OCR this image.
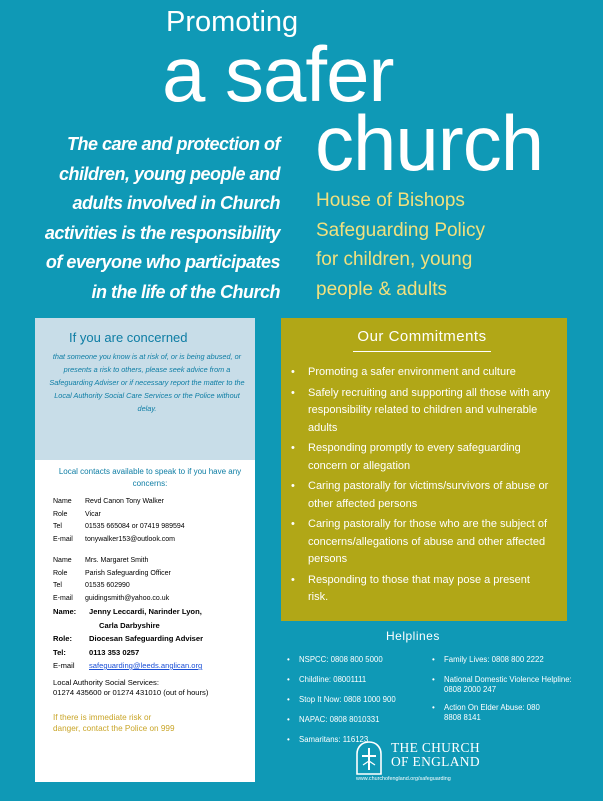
Promoting
a safer
church
The care and protection of
children, young people and
adults involved in Church
activities is the responsibility
of everyone who participates
in the life of the Church
House of Bishops
Safeguarding Policy
for children, young
people & adults
If you are concerned
that someone you know is at risk of, or is being abused, or presents a risk to others, please seek advice from a Safeguarding Adviser or if necessary report the matter to the Local Authority Social Care Services or the Police without delay.
Local contacts available to speak to if you have any concerns:
Name	Revd Canon Tony Walker
Role	Vicar
Tel	01535 665084 or 07419 989594
E-mail	tonywalker153@outlook.com
Name	Mrs. Margaret Smith
Role	Parish Safeguarding Officer
Tel	01535 602990
E-mail	guidingsmith@yahoo.co.uk
Name:	Jenny Leccardi, Narinder Lyon,
Carla Darbyshire
Role:	Diocesan Safeguarding Adviser
Tel:	0113 353 0257
E-mail	safeguarding@leeds.anglican.org
Local Authority Social Services:
01274 435600 or 01274 431010 (out of hours)
If there is immediate risk or
danger, contact the Police on 999
Our Commitments
• Promoting a safer environment and culture
• Safely recruiting and supporting all those with any responsibility related to children and vulnerable adults
• Responding promptly to every safeguarding concern or allegation
• Caring pastorally for victims/survivors of abuse or other affected persons
• Caring pastorally for those who are the subject of concerns/allegations of abuse and other affected persons
• Responding to those that may pose a present risk.
Helplines
• NSPCC: 0808 800 5000
• Childline: 08001111
• Stop It Now: 0808 1000 900
• NAPAC: 0808 8010331
• Samaritans: 116123
• Family Lives: 0808 800 2222
• National Domestic Violence Helpline: 0808 2000 247
• Action On Elder Abuse: 080 8808 8141
THE CHURCH
OF ENGLAND
www.churchofengland.org/safeguarding
